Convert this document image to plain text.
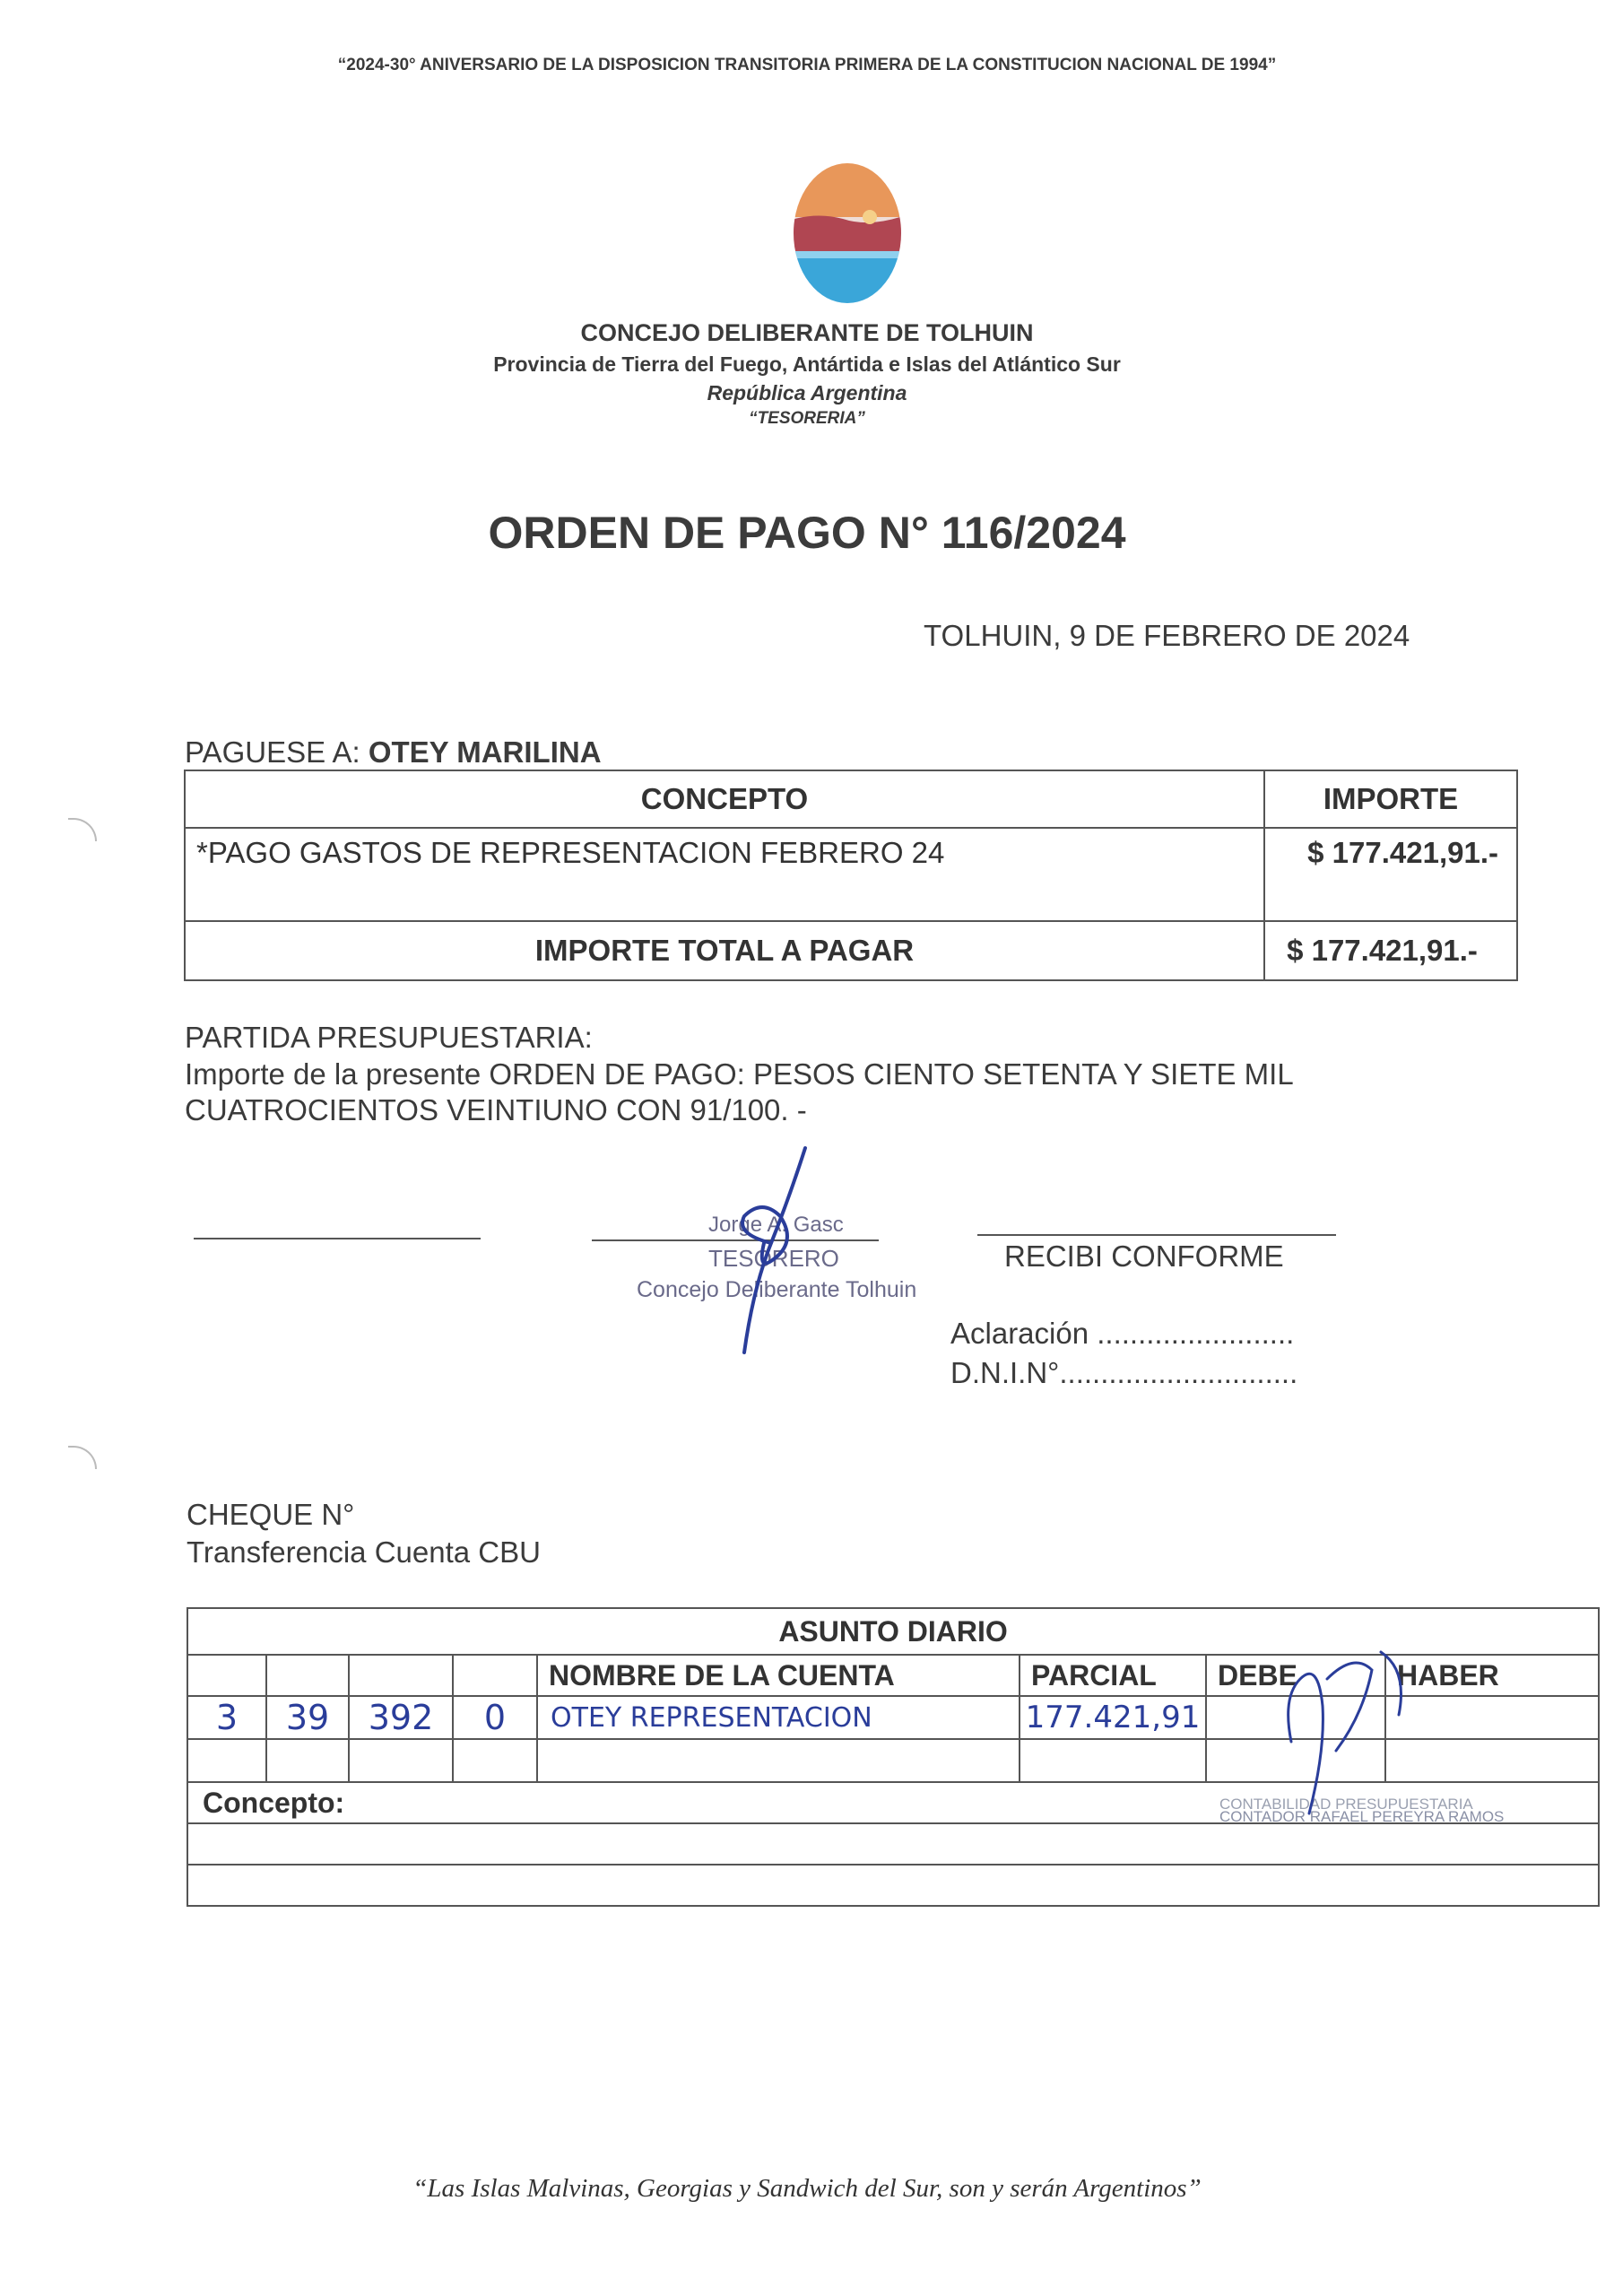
“2024-30° ANIVERSARIO DE LA DISPOSICION TRANSITORIA PRIMERA DE LA CONSTITUCION NACIONAL DE 1994”
CONCEJO DELIBERANTE DE TOLHUIN
Provincia de Tierra del Fuego, Antártida e Islas del Atlántico Sur
República Argentina
“TESORERIA”
ORDEN DE PAGO N° 116/2024
TOLHUIN, 9 DE FEBRERO DE 2024
PAGUESE A: OTEY MARILINA
CONCEPTO	IMPORTE
*PAGO GASTOS DE REPRESENTACION FEBRERO 24	$ 177.421,91.-
IMPORTE TOTAL A PAGAR	$ 177.421,91.-
PARTIDA PRESUPUESTARIA:
Importe de la presente ORDEN DE PAGO: PESOS CIENTO SETENTA Y SIETE MIL CUATROCIENTOS VEINTIUNO CON 91/100. -
Jorge A. Gasc
TESORERO
Concejo Deliberante Tolhuin
RECIBI CONFORME
Aclaración ........................
D.N.I.N°.............................
CHEQUE N°
Transferencia Cuenta CBU
ASUNTO DIARIO							
				NOMBRE DE LA CUENTA	PARCIAL	DEBE	HABER
3	39	392	0	OTEY REPRESENTACION	177.421,91		

Concepto:								CONTABILIDAD PRESUPUESTARIA
CONTADOR RAFAEL PEREYRA RAMOS
“Las Islas Malvinas, Georgias y Sandwich del Sur, son y serán Argentinos”
